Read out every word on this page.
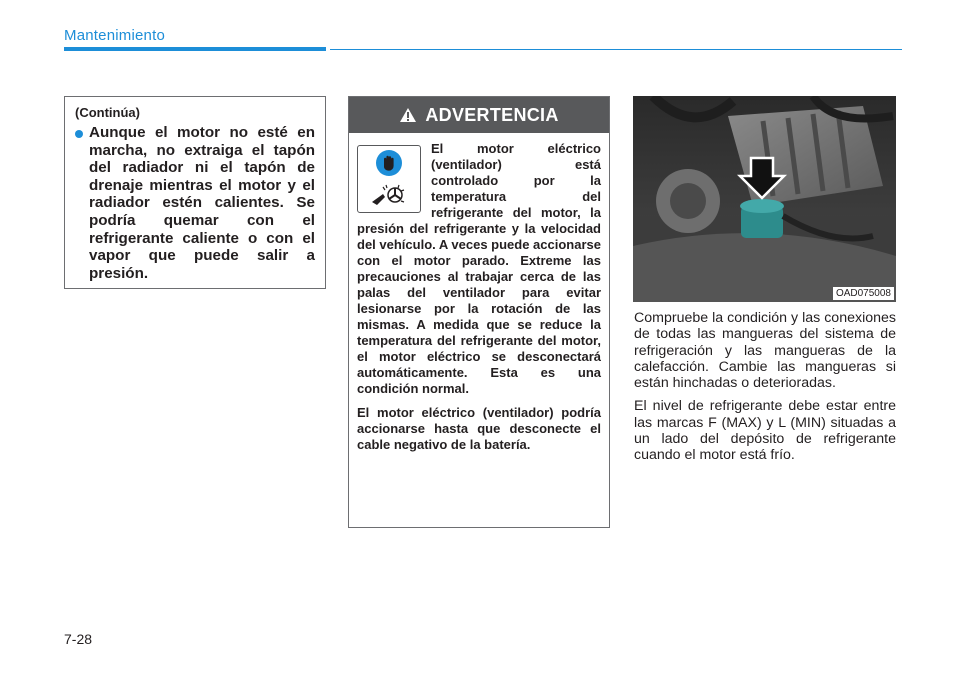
Mantenimiento
(Continúa)
Aunque el motor no esté en marcha, no extraiga el tapón del radiador ni el tapón de drenaje mientras el motor y el radiador estén calientes. Se podría quemar con el refrigerante caliente o con el vapor que puede salir a presión.
ADVERTENCIA

El motor eléctrico (ventilador) está controlado por la temperatura del refrigerante del motor, la presión del refrigerante y la velocidad del vehículo. A veces puede accionarse con el motor parado. Extreme las precauciones al trabajar cerca de las palas del ventilador para evitar lesionarse por la rotación de las mismas. A medida que se reduce la temperatura del refrigerante del motor, el motor eléctrico se desconectará automáticamente. Esta es una condición normal.

El motor eléctrico (ventilador) podría accionarse hasta que desconecte el cable negativo de la batería.

OAD075008

Compruebe la condición y las conexiones de todas las mangueras del sistema de refrigeración y las mangueras de la calefacción. Cambie las mangueras si están hinchadas o deterioradas.

El nivel de refrigerante debe estar entre las marcas F (MAX) y L (MIN) situadas a un lado del depósito de refrigerante cuando el motor está frío.

7-28
